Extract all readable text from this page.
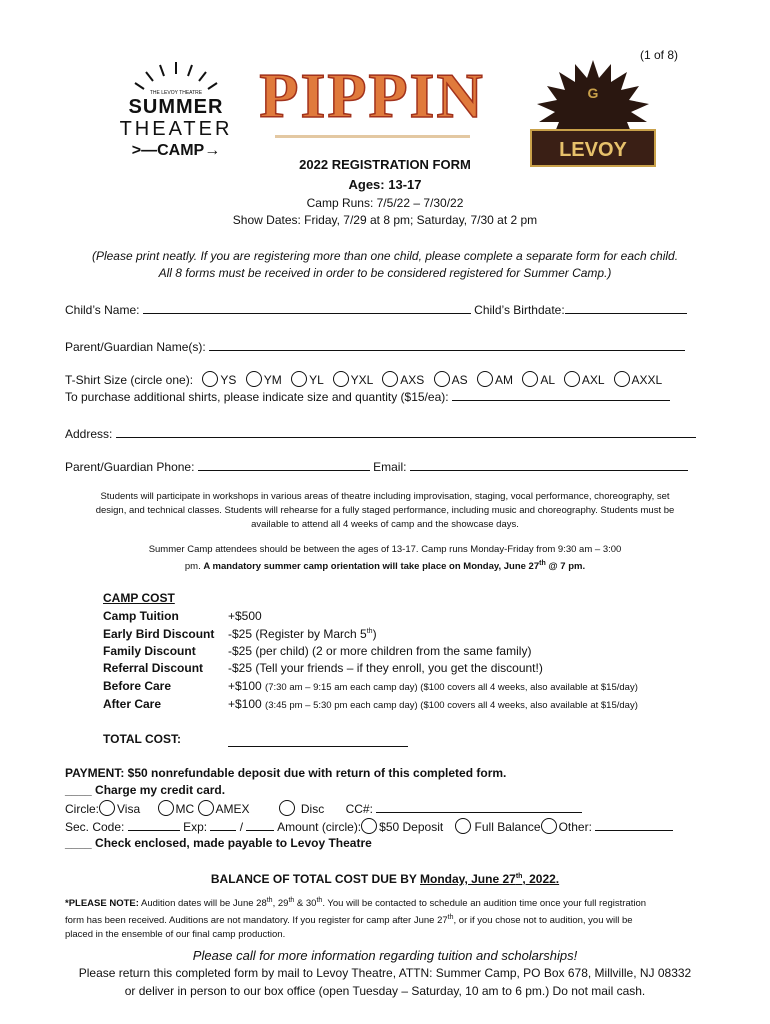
(1 of 8)
THE LEVOY THEATRE
SUMMER
THEATER
>—CAMP→
PIPPIN	G
LEVOY
2022 REGISTRATION FORM
Ages: 13-17
Camp Runs: 7/5/22 – 7/30/22
Show Dates: Friday, 7/29 at 8 pm; Saturday, 7/30 at 2 pm
(Please print neatly. If you are registering more than one child, please complete a separate form for each child.
All 8 forms must be received in order to be considered registered for Summer Camp.)
Child’s Name:	Child’s Birthdate:
Parent/Guardian Name(s):
T-Shirt Size (circle one): YS YM YL YXL AXS AS AM AL AXL AXXL
To purchase additional shirts, please indicate size and quantity ($15/ea):
Address:
Parent/Guardian Phone:	Email:
Students will participate in workshops in various areas of theatre including improvisation, staging, vocal performance, choreography, set
design, and technical classes. Students will rehearse for a fully staged performance, including music and choreography. Students must be
available to attend all 4 weeks of camp and the showcase days.
Summer Camp attendees should be between the ages of 13-17. Camp runs Monday-Friday from 9:30 am – 3:00
pm. A mandatory summer camp orientation will take place on Monday, June 27th @ 7 pm.
CAMP COST
Camp Tuition	+$500
Early Bird Discount -$25 (Register by March 5th)
Family Discount	-$25 (per child) (2 or more children from the same family)
Referral Discount -$25 (Tell your friends – if they enroll, you get the discount!)
Before Care	+$100 (7:30 am – 9:15 am each camp day) ($100 covers all 4 weeks, also available at $15/day)
After Care	+$100 (3:45 pm – 5:30 pm each camp day) ($100 covers all 4 weeks, also available at $15/day)
TOTAL COST:
PAYMENT: $50 nonrefundable deposit due with return of this completed form.
____ Charge my credit card.
Circle: Visa	MC AMEX	Disc CC#:
Sec. Code:	Exp:	/	Amount (circle): $50 Deposit	Full Balance Other:
____ Check enclosed, made payable to Levoy Theatre
BALANCE OF TOTAL COST DUE BY Monday, June 27th, 2022.
*PLEASE NOTE: Audition dates will be June 28th, 29th & 30th. You will be contacted to schedule an audition time once your full registration
form has been received. Auditions are not mandatory. If you register for camp after June 27th, or if you chose not to audition, you will be
placed in the ensemble of our final camp production.
Please call for more information regarding tuition and scholarships!
Please return this completed form by mail to Levoy Theatre, ATTN: Summer Camp, PO Box 678, Millville, NJ 08332
or deliver in person to our box office (open Tuesday – Saturday, 10 am to 6 pm.) Do not mail cash.
